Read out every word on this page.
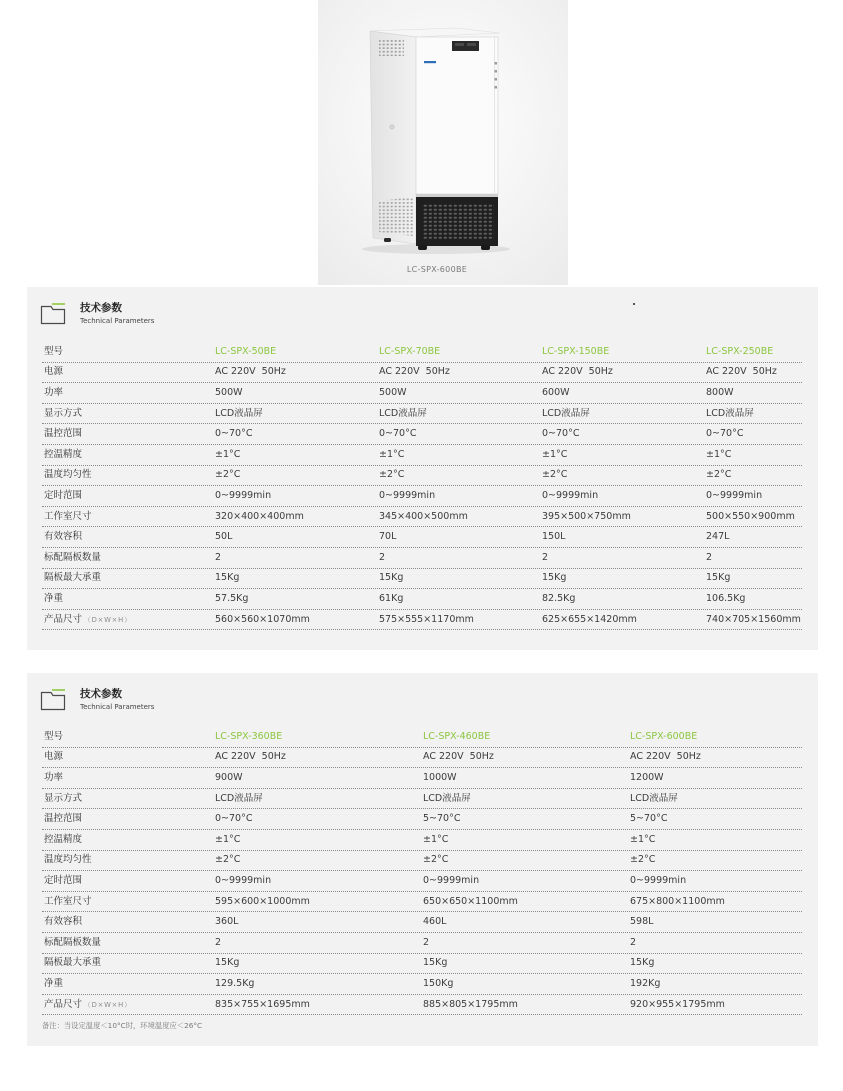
LC-SPX-600BE
技术参数
Technical Parameters
型号	LC-SPX-50BE	LC-SPX-70BE	LC-SPX-150BE	LC-SPX-250BE
电源	AC 220V  50Hz	AC 220V  50Hz	AC 220V  50Hz	AC 220V  50Hz
功率	500W	500W	600W	800W
显示方式	LCD液晶屏	LCD液晶屏	LCD液晶屏	LCD液晶屏
温控范围	0~70°C	0~70°C	0~70°C	0~70°C
控温精度	±1°C	±1°C	±1°C	±1°C
温度均匀性	±2°C	±2°C	±2°C	±2°C
定时范围	0~9999min	0~9999min	0~9999min	0~9999min
工作室尺寸	320×400×400mm	345×400×500mm	395×500×750mm	500×550×900mm
有效容积	50L	70L	150L	247L
标配隔板数量	2	2	2	2
隔板最大承重	15Kg	15Kg	15Kg	15Kg
净重	57.5Kg	61Kg	82.5Kg	106.5Kg
产品尺寸 （D×W×H）	560×560×1070mm	575×555×1170mm	625×655×1420mm	740×705×1560mm
技术参数
Technical Parameters
型号	LC-SPX-360BE	LC-SPX-460BE	LC-SPX-600BE
电源	AC 220V  50Hz	AC 220V  50Hz	AC 220V  50Hz
功率	900W	1000W	1200W
显示方式	LCD液晶屏	LCD液晶屏	LCD液晶屏
温控范围	0~70°C	5~70°C	5~70°C
控温精度	±1°C	±1°C	±1°C
温度均匀性	±2°C	±2°C	±2°C
定时范围	0~9999min	0~9999min	0~9999min
工作室尺寸	595×600×1000mm	650×650×1100mm	675×800×1100mm
有效容积	360L	460L	598L
标配隔板数量	2	2	2
隔板最大承重	15Kg	15Kg	15Kg
净重	129.5Kg	150Kg	192Kg
产品尺寸 （D×W×H）	835×755×1695mm	885×805×1795mm	920×955×1795mm
备注：当设定温度＜10°C时，环境温度应＜26°C
